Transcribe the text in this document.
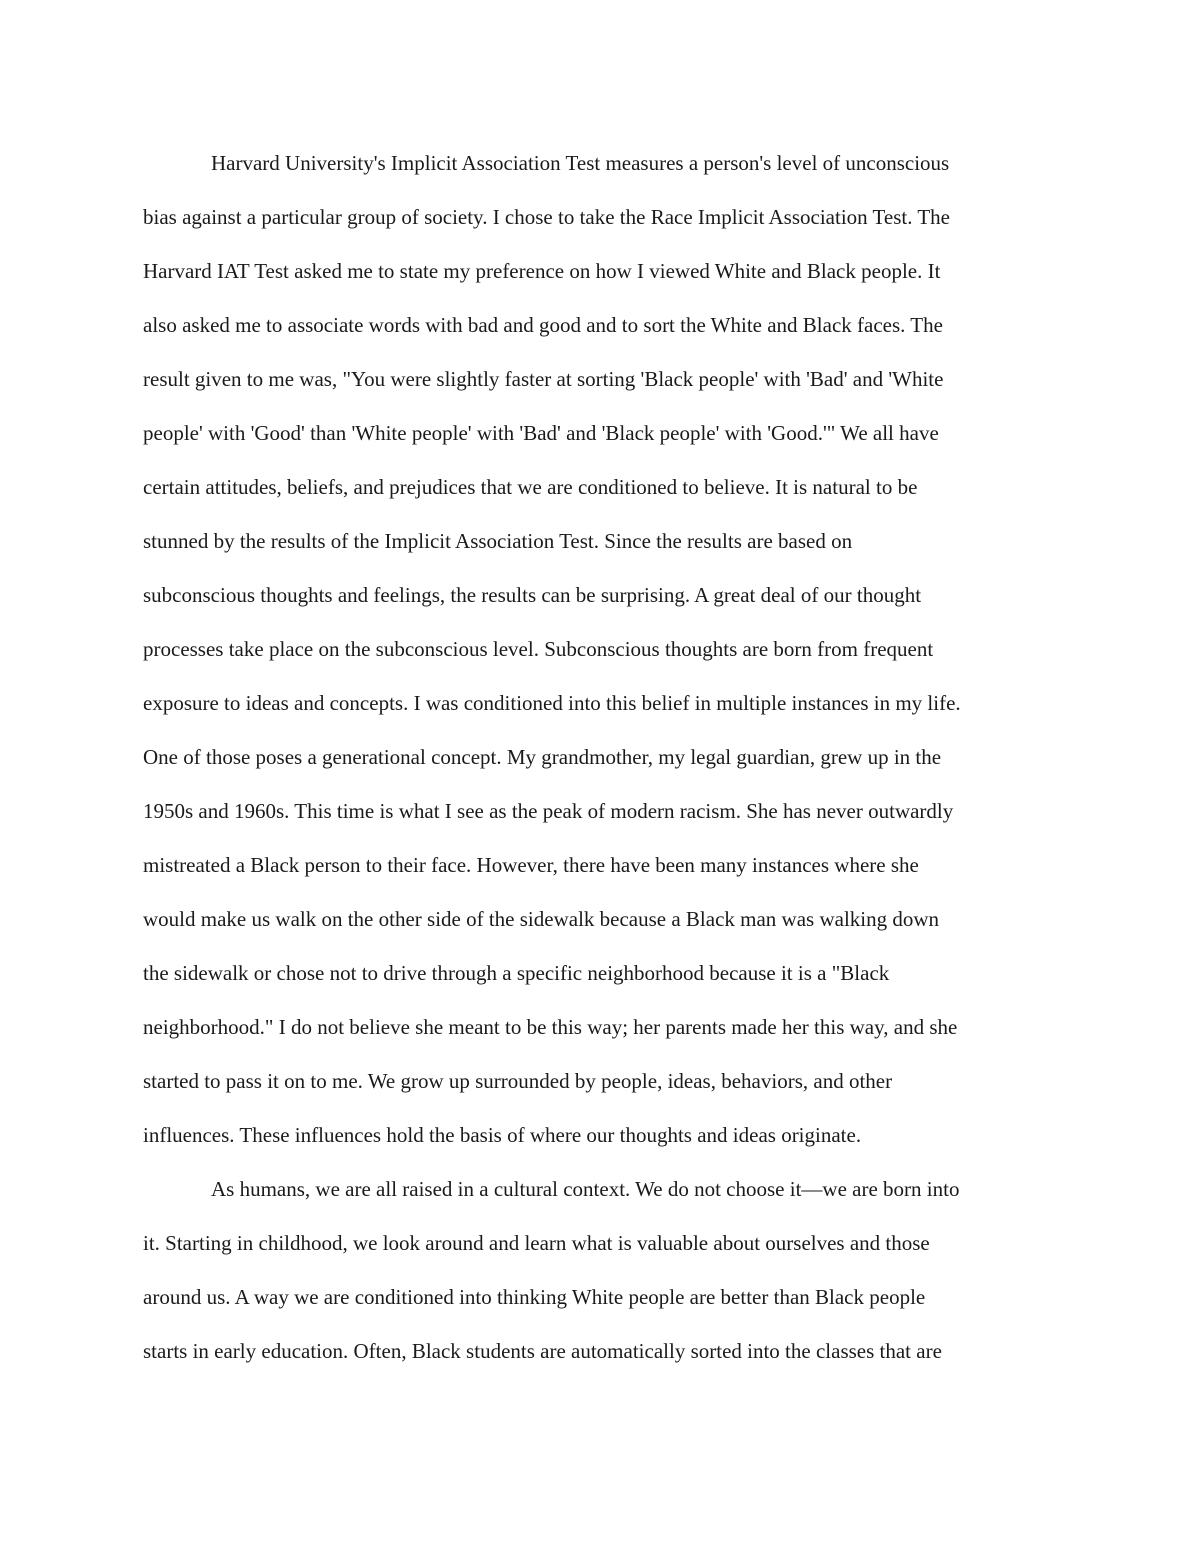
Harvard University's Implicit Association Test measures a person's level of unconscious
bias against a particular group of society. I chose to take the Race Implicit Association Test. The
Harvard IAT Test asked me to state my preference on how I viewed White and Black people. It
also asked me to associate words with bad and good and to sort the White and Black faces. The
result given to me was, "You were slightly faster at sorting 'Black people' with 'Bad' and 'White
people' with 'Good' than 'White people' with 'Bad' and 'Black people' with 'Good.'" We all have
certain attitudes, beliefs, and prejudices that we are conditioned to believe. It is natural to be
stunned by the results of the Implicit Association Test. Since the results are based on
subconscious thoughts and feelings, the results can be surprising. A great deal of our thought
processes take place on the subconscious level. Subconscious thoughts are born from frequent
exposure to ideas and concepts. I was conditioned into this belief in multiple instances in my life.
One of those poses a generational concept. My grandmother, my legal guardian, grew up in the
1950s and 1960s. This time is what I see as the peak of modern racism. She has never outwardly
mistreated a Black person to their face. However, there have been many instances where she
would make us walk on the other side of the sidewalk because a Black man was walking down
the sidewalk or chose not to drive through a specific neighborhood because it is a "Black
neighborhood." I do not believe she meant to be this way; her parents made her this way, and she
started to pass it on to me. We grow up surrounded by people, ideas, behaviors, and other
influences. These influences hold the basis of where our thoughts and ideas originate.
As humans, we are all raised in a cultural context. We do not choose it—we are born into
it. Starting in childhood, we look around and learn what is valuable about ourselves and those
around us. A way we are conditioned into thinking White people are better than Black people
starts in early education. Often, Black students are automatically sorted into the classes that are
